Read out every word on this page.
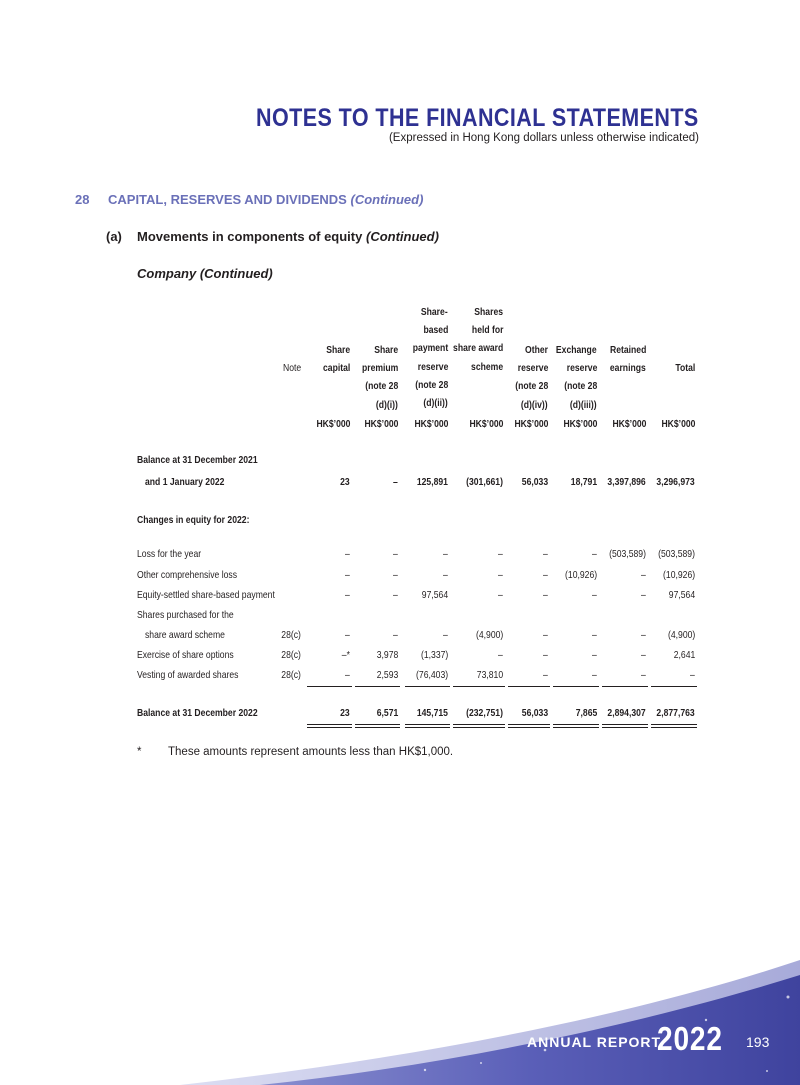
NOTES TO THE FINANCIAL STATEMENTS
(Expressed in Hong Kong dollars unless otherwise indicated)
28 CAPITAL, RESERVES AND DIVIDENDS (Continued)
(a) Movements in components of equity (Continued)
Company (Continued)
Note
Share
capital
HK$’000
Share
premium
(note 28
(d)(i))
HK$’000
Share-
based
payment
reserve
(note 28
(d)(ii))
HK$’000
Shares
held for
share award
scheme
HK$’000
Other
reserve
(note 28
(d)(iv))
HK$’000
Exchange
reserve
(note 28
(d)(iii))
HK$’000
Retained
earnings
HK$’000
Total
HK$’000
Balance at 31 December 2021
and 1 January 2022	23	– 125,891 (301,661) 56,033 18,791 3,397,896 3,296,973
Changes in equity for 2022:
Loss for the year	–	–	–	–	–	– (503,589) (503,589)
Other comprehensive loss	–	–	–	–	– (10,926)	– (10,926)
Equity-settled share-based payment	–	– 97,564	–	–	–	– 97,564
Shares purchased for the
share award scheme	28(c)	–	–	–	(4,900)	–	–	– (4,900)
Exercise of share options	28(c)	–*	3,978 (1,337)	–	–	–	–	2,641
Vesting of awarded shares	28(c)	–	2,593 (76,403)	73,810	–	–	–	–
Balance at 31 December 2022	23	6,571 145,715 (232,751) 56,033	7,865 2,894,307 2,877,763
* These amounts represent amounts less than HK$1,000.
ANNUAL REPORT
2022 193
